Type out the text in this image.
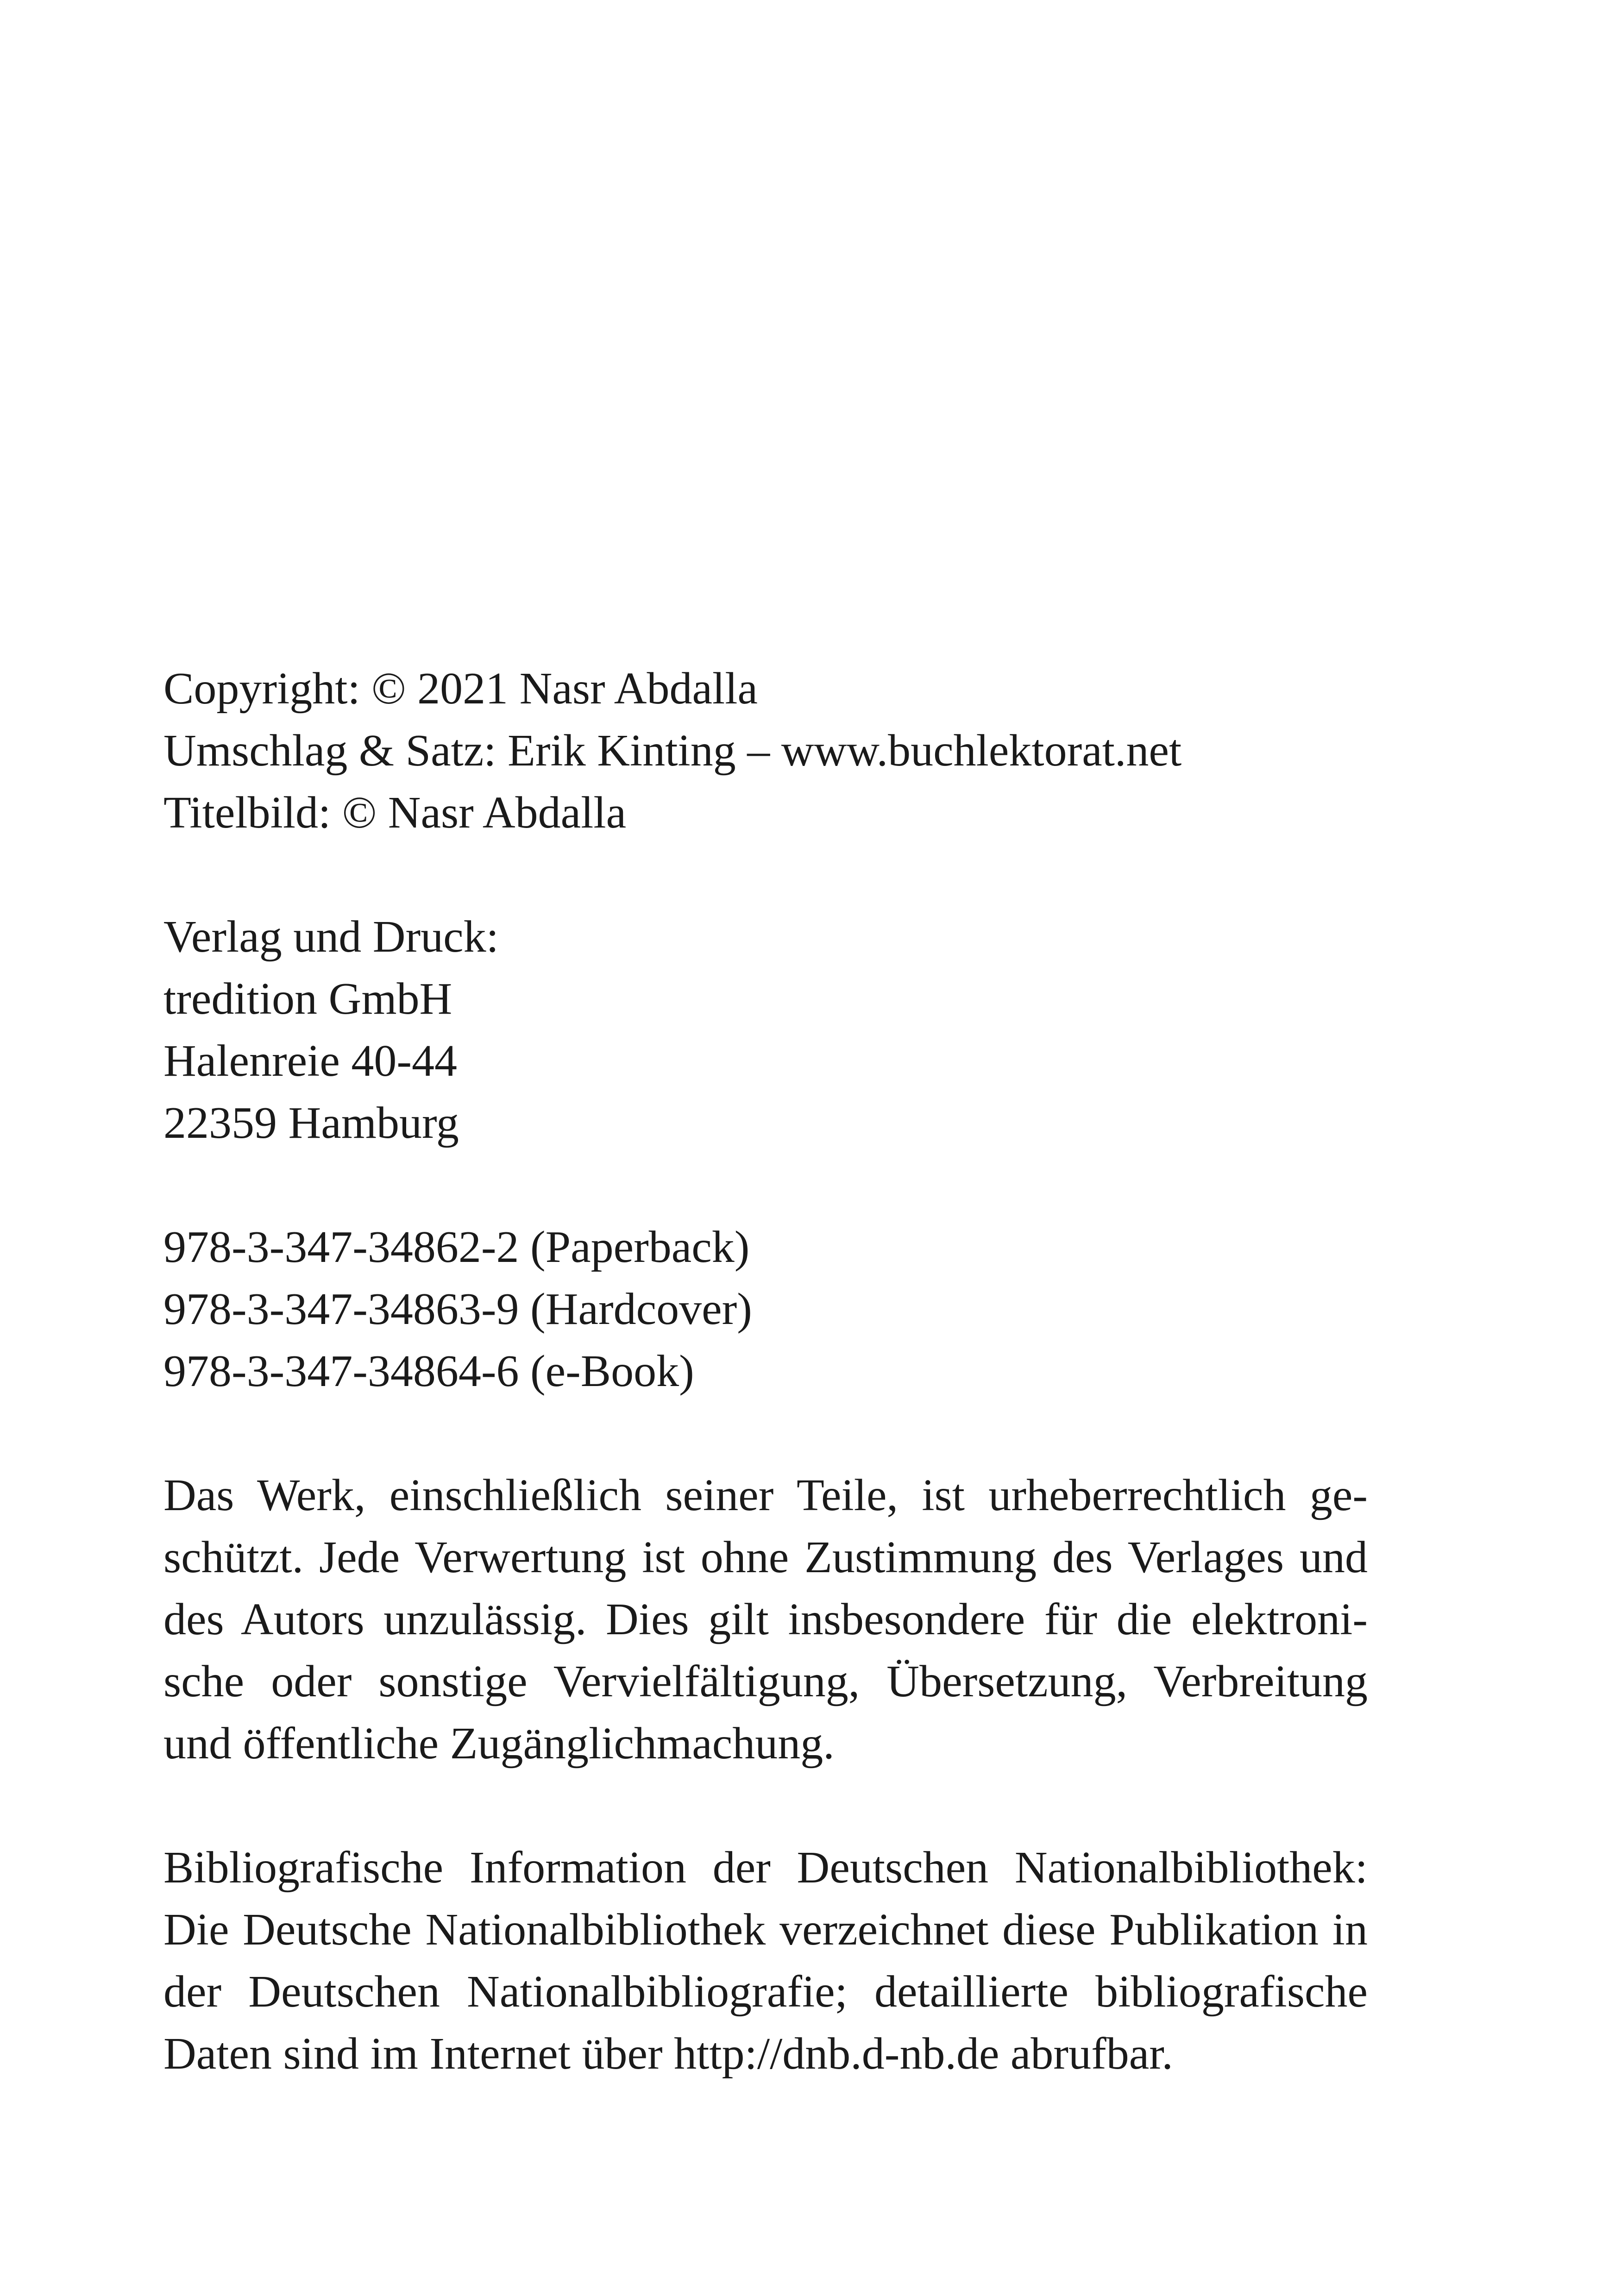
Copyright: © 2021 Nasr Abdalla
Umschlag & Satz: Erik Kinting – www.buchlektorat.net
Titelbild: © Nasr Abdalla
Verlag und Druck:
tredition GmbH
Halenreie 40-44
22359 Hamburg
978-3-347-34862-2 (Paperback)
978-3-347-34863-9 (Hardcover)
978-3-347-34864-6 (e-Book)

Das Werk, einschließlich seiner Teile, ist urheberrechtlich geschützt. Jede Verwertung ist ohne Zustimmung des Verlages und des Autors unzulässig. Dies gilt insbesondere für die elektronische oder sonstige Vervielfältigung, Übersetzung, Verbreitung und öffentliche Zugänglichmachung.

Bibliografische Information der Deutschen Nationalbibliothek: Die Deutsche Nationalbibliothek verzeichnet diese Publikation in der Deutschen Nationalbibliografie; detaillierte bibliografische Daten sind im Internet über http://dnb.d-nb.de abrufbar.
